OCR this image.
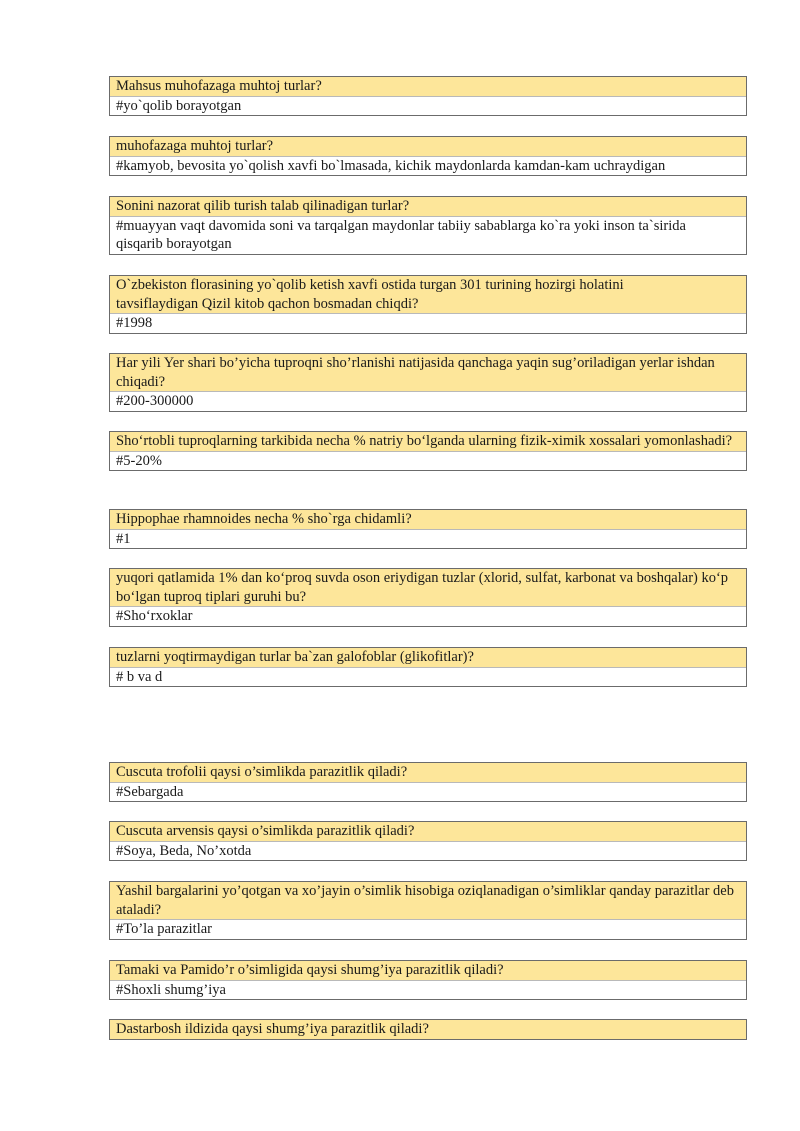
Mahsus muhofazaga muhtoj turlar?
#yo`qolib borayotgan
muhofazaga muhtoj turlar?
#kamyob, bevosita yo`qolish xavfi bo`lmasada, kichik maydonlarda kamdan-kam uchraydigan
Sonini nazorat qilib turish talab qilinadigan turlar?
#muayyan vaqt davomida soni va tarqalgan maydonlar tabiiy sabablarga ko`ra yoki inson ta`sirida qisqarib borayotgan
O`zbekiston florasining yo`qolib ketish xavfi ostida turgan 301 turining hozirgi holatini tavsiflaydigan Qizil kitob qachon bosmadan chiqdi?
#1998
Har yili Yer shari bo’yicha tuproqni sho’rlanishi natijasida qanchaga yaqin sug’oriladigan yerlar ishdan chiqadi?
#200-300000
Sho‘rtobli tuproqlarning tarkibida necha % natriy bo‘lganda ularning fizik-ximik xossalari yomonlashadi?
#5-20%
Hippophae rhamnoides necha % sho`rga chidamli?
#1
yuqori qatlamida 1% dan ko‘proq suvda oson eriydigan tuzlar (xlorid, sulfat, karbonat va boshqalar) ko‘p bo‘lgan tuproq tiplari guruhi bu?
#Sho‘rxoklar
tuzlarni yoqtirmaydigan turlar ba`zan galofoblar (glikofitlar)?
# b va d
Cuscuta trofolii qaysi o’simlikda parazitlik qiladi?
#Sebargada
Cuscuta arvensis qaysi o’simlikda parazitlik qiladi?
#Soya, Beda, No’xotda
Yashil bargalarini yo’qotgan va xo’jayin o’simlik hisobiga oziqlanadigan o’simliklar qanday parazitlar deb ataladi?
#To’la parazitlar
Tamaki va Pamido’r o’simligida qaysi shumg’iya parazitlik qiladi?
#Shoxli shumg’iya
Dastarbosh ildizida qaysi shumg’iya parazitlik qiladi?
